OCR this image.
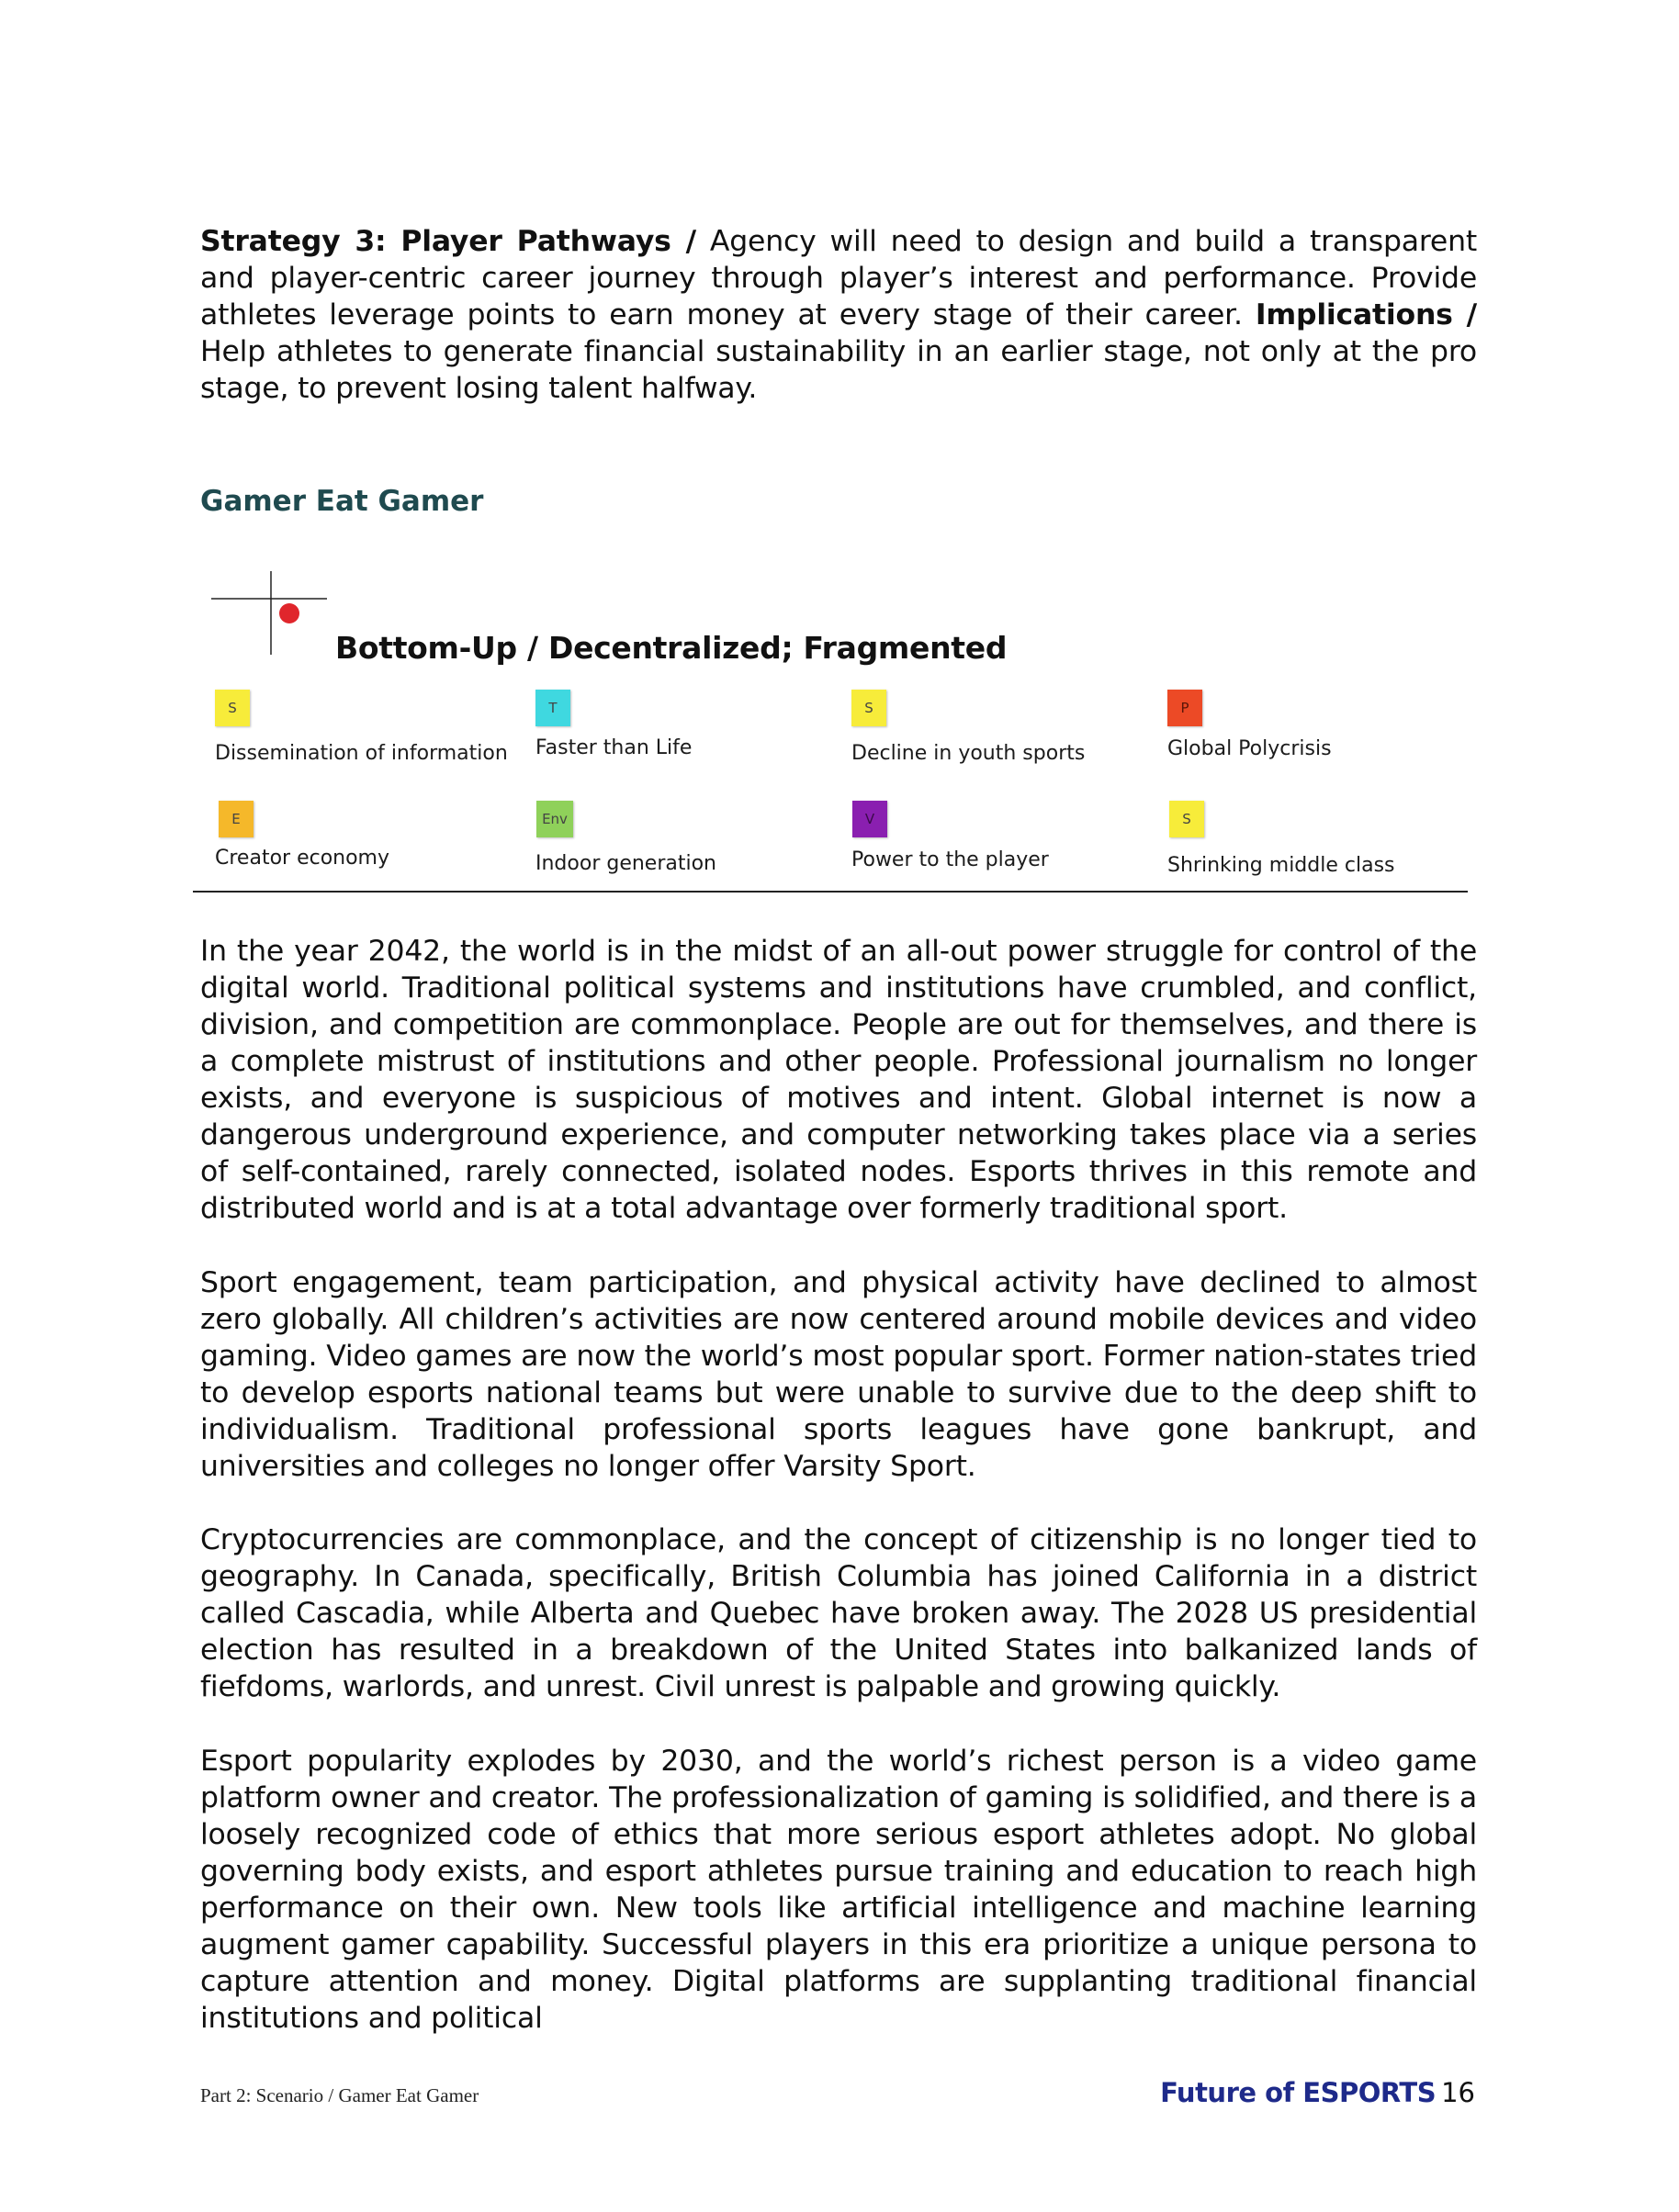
Strategy 3: Player Pathways / Agency will need to design and build a transparent and player-centric career journey through player’s interest and performance. Provide athletes leverage points to earn money at every stage of their career. Implications / Help athletes to generate financial sustainability in an earlier stage, not only at the pro stage, to prevent losing talent halfway.

Gamer Eat Gamer
Bottom-Up / Decentralized; Fragmented
S
Dissemination of information
T
Faster than Life
S
Decline in youth sports
P
Global Polycrisis
E
Creator economy
Env
Indoor generation
V
Power to the player
S
Shrinking middle class

In the year 2042, the world is in the midst of an all-out power struggle for control of the digital world. Traditional political systems and institutions have crumbled, and conflict, division, and competition are commonplace. People are out for themselves, and there is a complete mistrust of institutions and other people. Professional journalism no longer exists, and everyone is suspicious of motives and intent. Global internet is now a dangerous underground experience, and computer networking takes place via a series of self-contained, rarely connected, isolated nodes. Esports thrives in this remote and distributed world and is at a total advantage over formerly traditional sport.

Sport engagement, team participation, and physical activity have declined to almost zero globally. All children’s activities are now centered around mobile devices and video gaming. Video games are now the world’s most popular sport. Former nation-states tried to develop esports national teams but were unable to survive due to the deep shift to individualism. Traditional professional sports leagues have gone bankrupt, and universities and colleges no longer offer Varsity Sport.

Cryptocurrencies are commonplace, and the concept of citizenship is no longer tied to geography. In Canada, specifically, British Columbia has joined California in a district called Cascadia, while Alberta and Quebec have broken away. The 2028 US presidential election has resulted in a breakdown of the United States into balkanized lands of fiefdoms, warlords, and unrest. Civil unrest is palpable and growing quickly.

Esport popularity explodes by 2030, and the world’s richest person is a video game platform owner and creator. The professionalization of gaming is solidified, and there is a loosely recognized code of ethics that more serious esport athletes adopt. No global governing body exists, and esport athletes pursue training and education to reach high performance on their own. New tools like artificial intelligence and machine learning augment gamer capability. Successful players in this era prioritize a unique persona to capture attention and money. Digital platforms are supplanting traditional financial institutions and political

Part 2: Scenario / Gamer Eat Gamer	Future of ESPORTS 16
